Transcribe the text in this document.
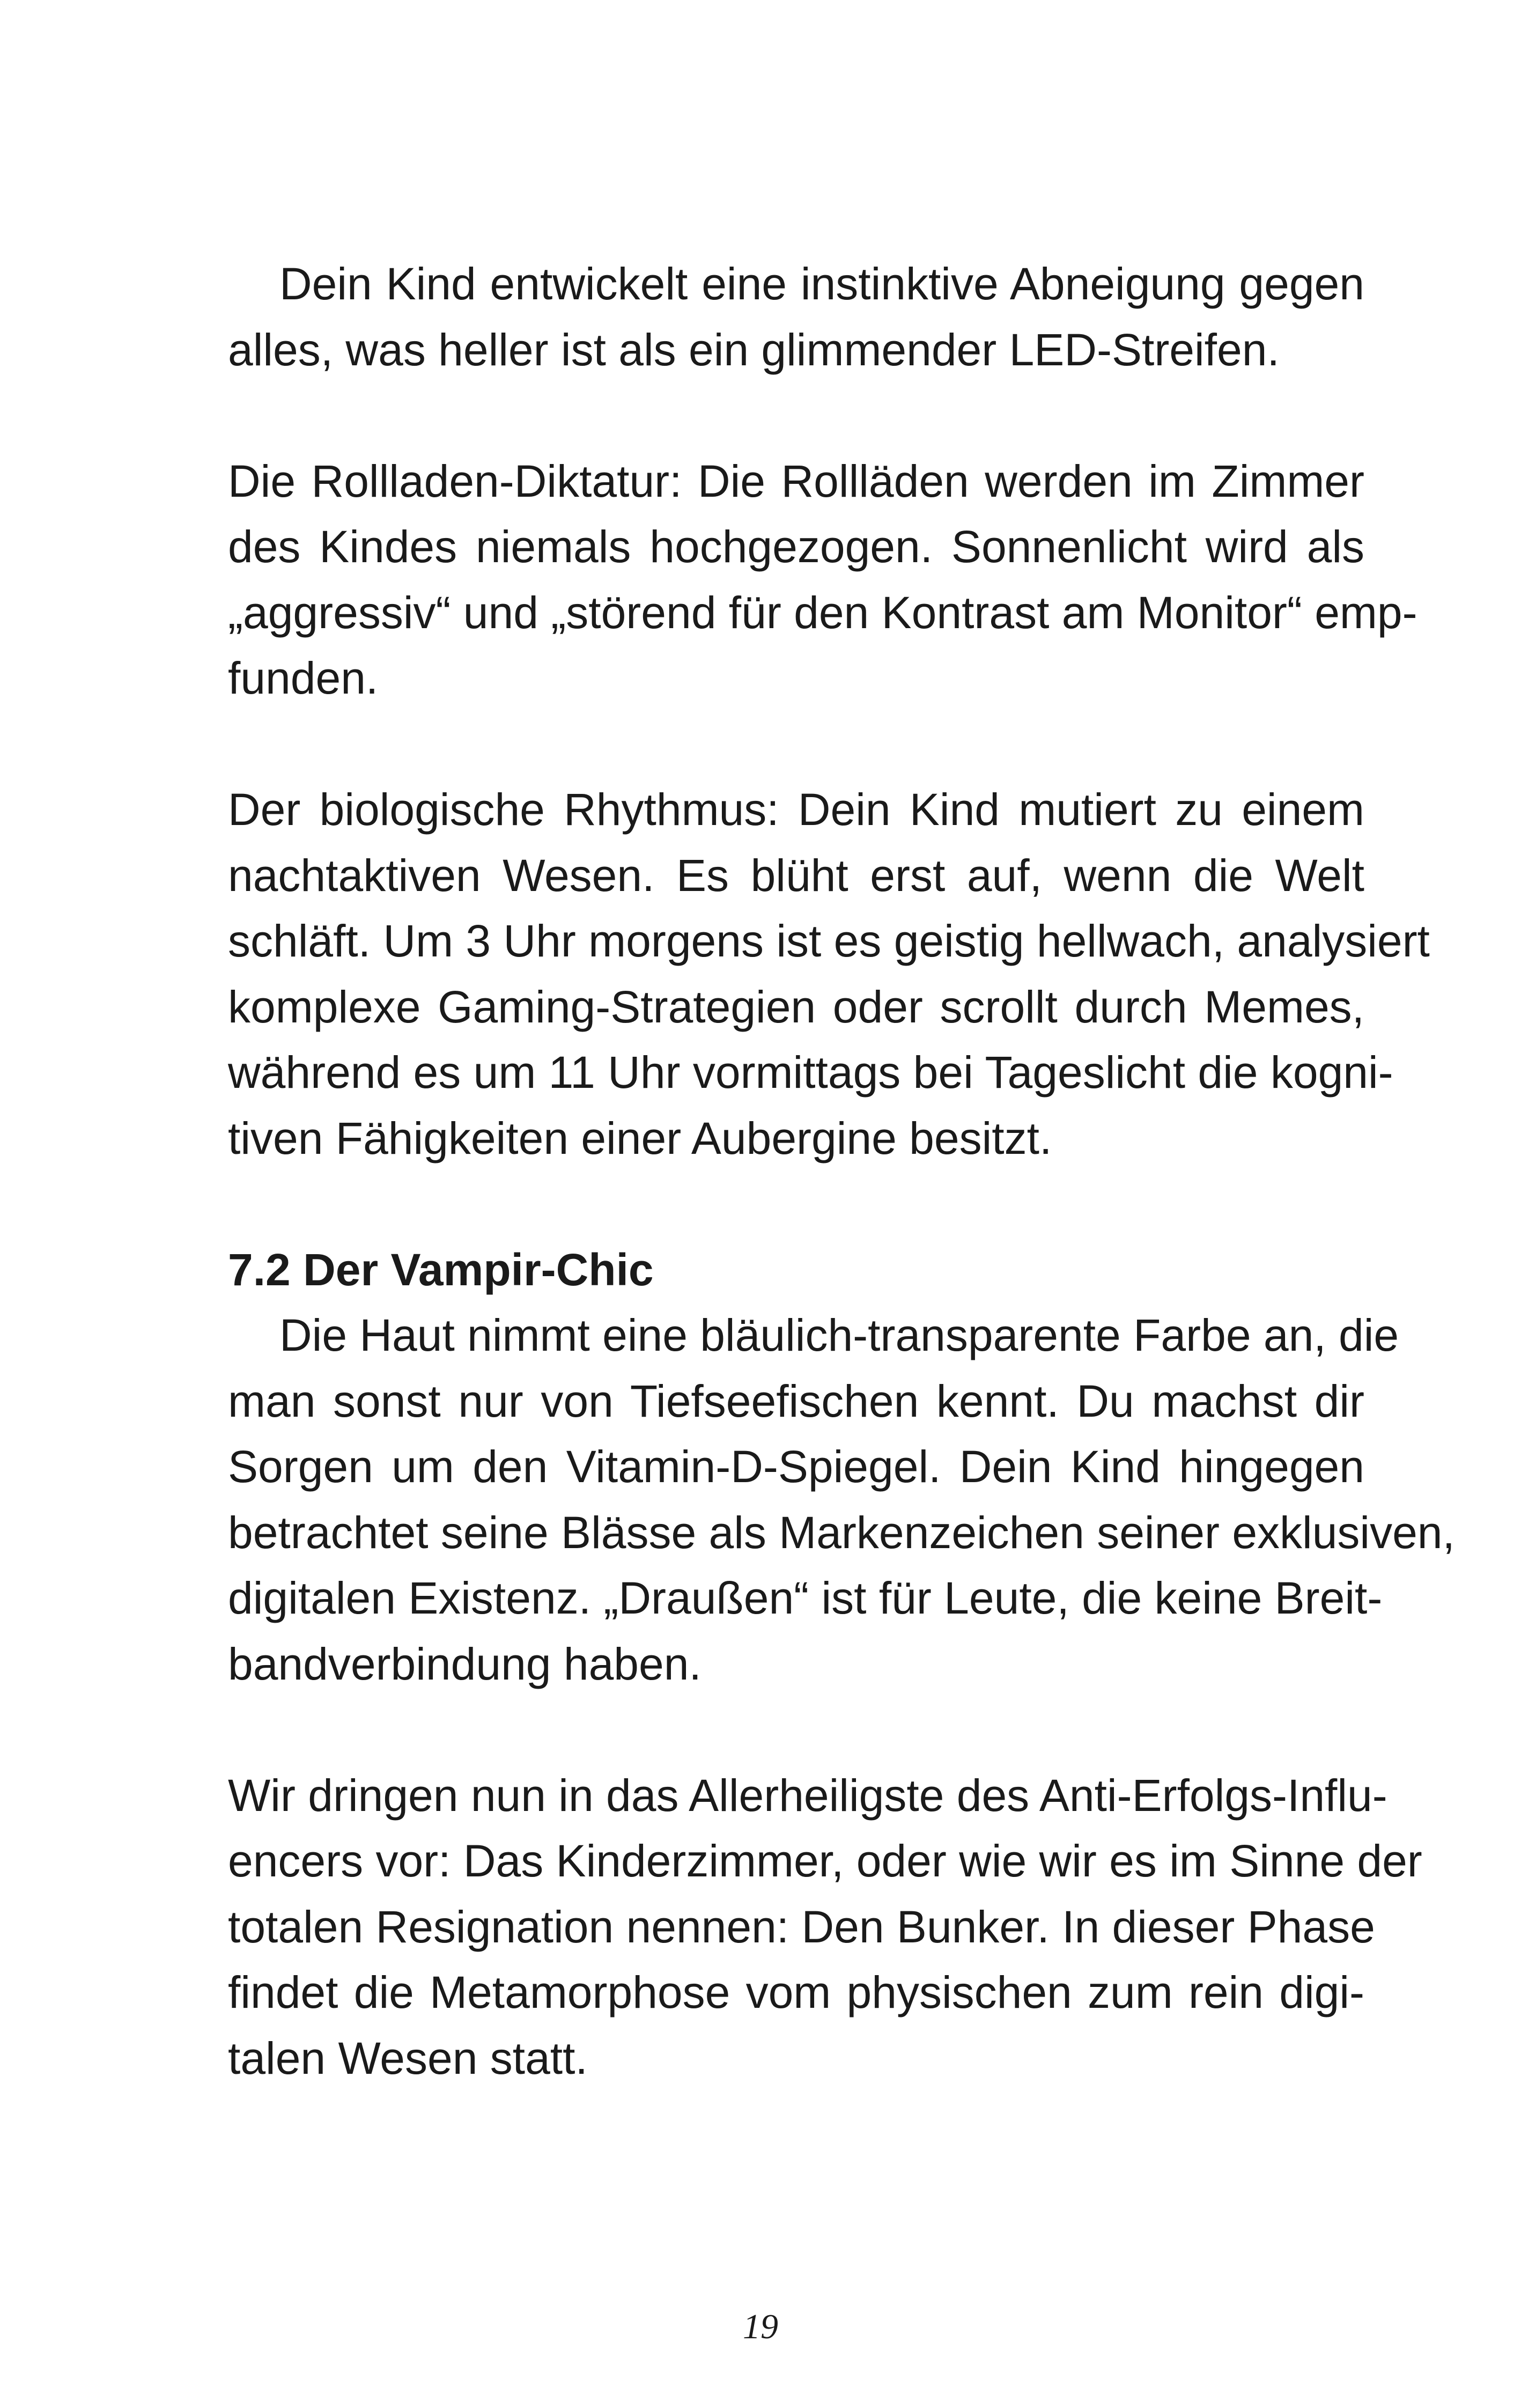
Dein Kind entwickelt eine instinktive Abneigung gegen
alles, was heller ist als ein glimmender LED-Streifen.

Die Rollladen-Diktatur: Die Rollläden werden im Zimmer
des Kindes niemals hochgezogen. Sonnenlicht wird als
„aggressiv“ und „störend für den Kontrast am Monitor“ emp-
funden.

Der biologische Rhythmus: Dein Kind mutiert zu einem
nachtaktiven Wesen. Es blüht erst auf, wenn die Welt
schläft. Um 3 Uhr morgens ist es geistig hellwach, analysiert
komplexe Gaming-Strategien oder scrollt durch Memes,
während es um 11 Uhr vormittags bei Tageslicht die kogni-
tiven Fähigkeiten einer Aubergine besitzt.

7.2 Der Vampir-Chic

Die Haut nimmt eine bläulich-transparente Farbe an, die
man sonst nur von Tiefseefischen kennt. Du machst dir
Sorgen um den Vitamin-D-Spiegel. Dein Kind hingegen
betrachtet seine Blässe als Markenzeichen seiner exklusiven,
digitalen Existenz. „Draußen“ ist für Leute, die keine Breit-
bandverbindung haben.

Wir dringen nun in das Allerheiligste des Anti-Erfolgs-Influ-
encers vor: Das Kinderzimmer, oder wie wir es im Sinne der
totalen Resignation nennen: Den Bunker. In dieser Phase
findet die Metamorphose vom physischen zum rein digi-
talen Wesen statt.

19
